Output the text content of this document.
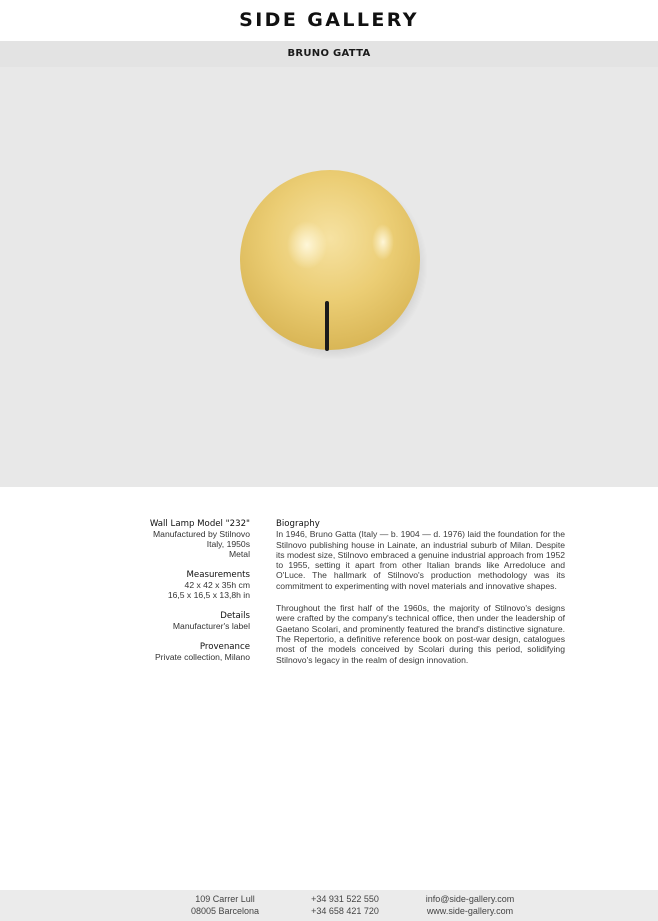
SIDE GALLERY
BRUNO GATTA
Wall Lamp Model "232"
Manufactured by Stilnovo
Italy, 1950s
Metal
Measurements
42 x 42 x 35h cm
16,5 x 16,5 x 13,8h in
Details
Manufacturer's label
Provenance
Private collection, Milano
Biography

In 1946, Bruno Gatta (Italy — b. 1904 — d. 1976) laid the foundation for the Stilnovo publishing house in Lainate, an industrial suburb of Milan. Despite its modest size, Stilnovo embraced a genuine industrial approach from 1952 to 1955, setting it apart from other Italian brands like Arredoluce and O'Luce. The hallmark of Stilnovo's production methodology was its commitment to experimenting with novel materials and innovative shapes.

Throughout the first half of the 1960s, the majority of Stilnovo's designs were crafted by the company's technical office, then under the leadership of Gaetano Scolari, and prominently featured the brand's distinctive signature. The Repertorio, a definitive reference book on post-war design, catalogues most of the models conceived by Scolari during this period, solidifying Stilnovo's legacy in the realm of design innovation.

109 Carrer Lull
08005 Barcelona
+34 931 522 550
+34 658 421 720
info@side-gallery.com
www.side-gallery.com
